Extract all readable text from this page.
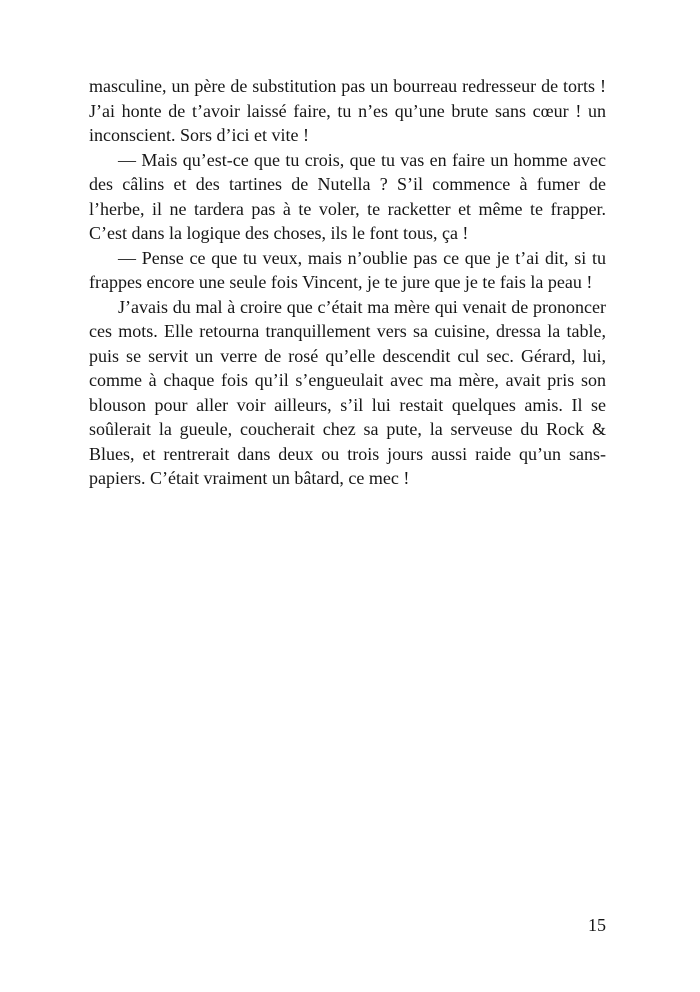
masculine, un père de substitution pas un bourreau redresseur de torts !
J’ai honte de t’avoir laissé faire, tu n’es qu’une brute sans cœur ! un
inconscient. Sors d’ici et vite !
— Mais qu’est-ce que tu crois, que tu vas en faire un homme avec
des câlins et des tartines de Nutella ? S’il commence à fumer de
l’herbe, il ne tardera pas à te voler, te racketter et même te frapper.
C’est dans la logique des choses, ils le font tous, ça !
— Pense ce que tu veux, mais n’oublie pas ce que je t’ai dit, si tu
frappes encore une seule fois Vincent, je te jure que je te fais la peau !
J’avais du mal à croire que c’était ma mère qui venait de prononcer
ces mots. Elle retourna tranquillement vers sa cuisine, dressa la table,
puis se servit un verre de rosé qu’elle descendit cul sec. Gérard, lui,
comme à chaque fois qu’il s’engueulait avec ma mère, avait pris son
blouson pour aller voir ailleurs, s’il lui restait quelques amis. Il se
soûlerait la gueule, coucherait chez sa pute, la serveuse du Rock &
Blues, et rentrerait dans deux ou trois jours aussi raide qu’un sans-
papiers. C’était vraiment un bâtard, ce mec !
15
